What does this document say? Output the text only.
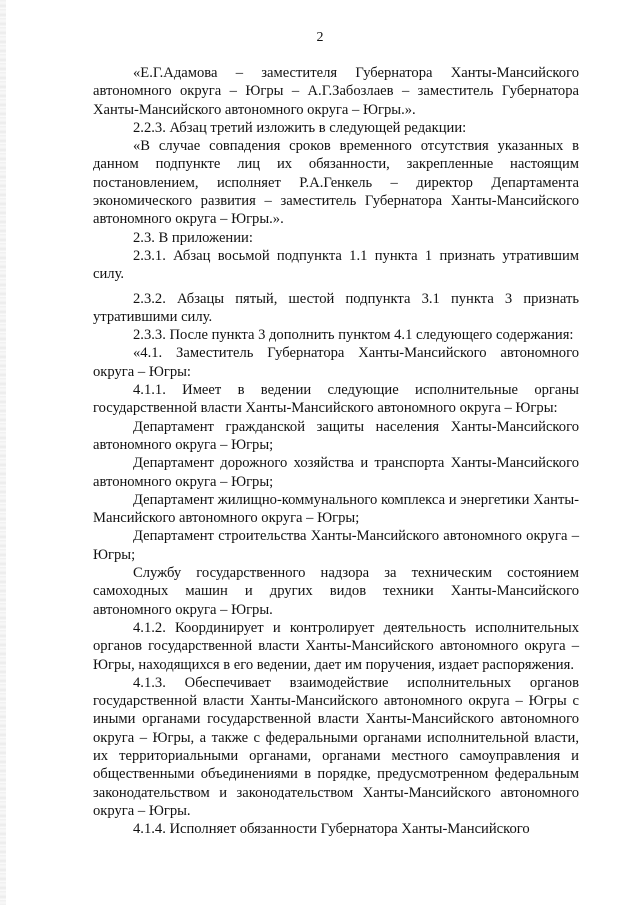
2

«Е.Г.Адамова – заместителя Губернатора Ханты-Мансийского автономного округа – Югры – А.Г.Забозлаев – заместитель Губернатора Ханты-Мансийского автономного округа – Югры.».

2.2.3. Абзац третий изложить в следующей редакции:

«В случае совпадения сроков временного отсутствия указанных в данном подпункте лиц их обязанности, закрепленные настоящим постановлением, исполняет Р.А.Генкель – директор Департамента экономического развития – заместитель Губернатора Ханты-Мансийского автономного округа – Югры.».

2.3. В приложении:

2.3.1. Абзац восьмой подпункта 1.1 пункта 1 признать утратившим силу.

2.3.2. Абзацы пятый, шестой подпункта 3.1 пункта 3 признать утратившими силу.

2.3.3. После пункта 3 дополнить пунктом 4.1 следующего содержания:

«4.1. Заместитель Губернатора Ханты-Мансийского автономного округа – Югры:

4.1.1. Имеет в ведении следующие исполнительные органы государственной власти Ханты-Мансийского автономного округа – Югры:

Департамент гражданской защиты населения Ханты-Мансийского автономного округа – Югры;

Департамент дорожного хозяйства и транспорта Ханты-Мансийского автономного округа – Югры;

Департамент жилищно-коммунального комплекса и энергетики Ханты-Мансийского автономного округа – Югры;

Департамент строительства Ханты-Мансийского автономного округа – Югры;

Службу государственного надзора за техническим состоянием самоходных машин и других видов техники Ханты-Мансийского автономного округа – Югры.

4.1.2. Координирует и контролирует деятельность исполнительных органов государственной власти Ханты-Мансийского автономного округа – Югры, находящихся в его ведении, дает им поручения, издает распоряжения.

4.1.3. Обеспечивает взаимодействие исполнительных органов государственной власти Ханты-Мансийского автономного округа – Югры с иными органами государственной власти Ханты-Мансийского автономного округа – Югры, а также с федеральными органами исполнительной власти, их территориальными органами, органами местного самоуправления и общественными объединениями в порядке, предусмотренном федеральным законодательством и законодательством Ханты-Мансийского автономного округа – Югры.

4.1.4. Исполняет обязанности Губернатора Ханты-Мансийского
